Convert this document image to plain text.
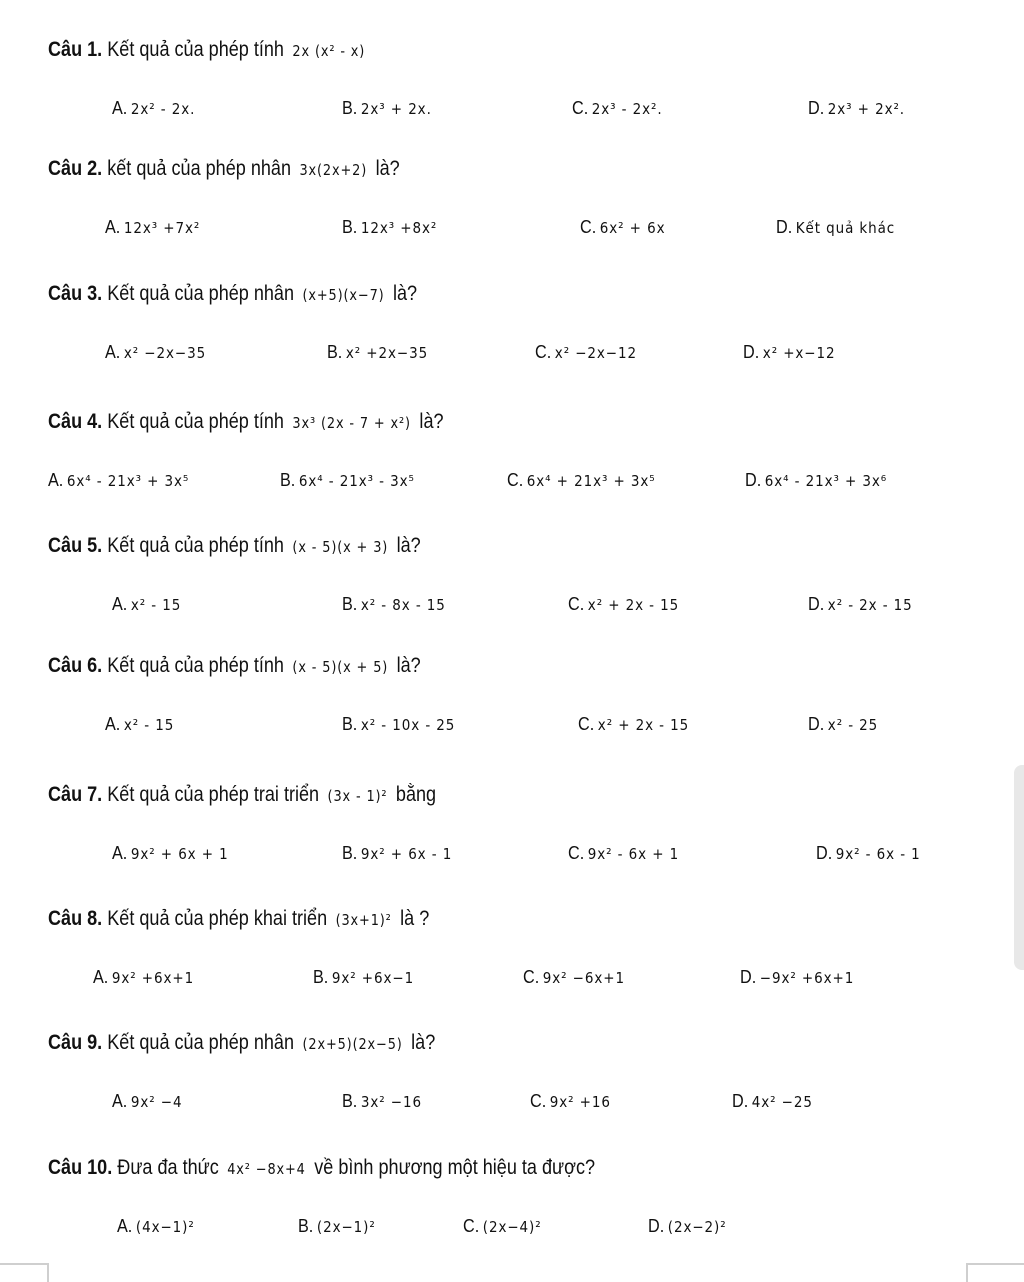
Câu 1. Kết quả của phép tính 2x (x² - x)
A. 2x² - 2x.	B. 2x³ + 2x.	C. 2x³ - 2x².	D. 2x³ + 2x².
Câu 2. kết quả của phép nhân 3x(2x+2) là?
A. 12x³ +7x²	B. 12x³ +8x²	C. 6x² + 6x	D. Kết quả khác
Câu 3. Kết quả của phép nhân (x+5)(x−7) là?
A. x² −2x−35	B. x² +2x−35	C. x² −2x−12	D. x² +x−12
Câu 4. Kết quả của phép tính 3x³ (2x - 7 + x²) là?
A. 6x⁴ - 21x³ + 3x⁵	B. 6x⁴ - 21x³ - 3x⁵	C. 6x⁴ + 21x³ + 3x⁵	D. 6x⁴ - 21x³ + 3x⁶
Câu 5. Kết quả của phép tính (x - 5)(x + 3) là?
A. x² - 15	B. x² - 8x - 15	C. x² + 2x - 15	D. x² - 2x - 15
Câu 6. Kết quả của phép tính (x - 5)(x + 5) là?
A. x² - 15	B. x² - 10x - 25	C. x² + 2x - 15	D. x² - 25
Câu 7. Kết quả của phép trai triển (3x - 1)² bằng
A. 9x² + 6x + 1	B. 9x² + 6x - 1	C. 9x² - 6x + 1	D. 9x² - 6x - 1
Câu 8. Kết quả của phép khai triển (3x+1)² là ?
A. 9x² +6x+1	B. 9x² +6x−1	C. 9x² −6x+1	D. −9x² +6x+1
Câu 9. Kết quả của phép nhân (2x+5)(2x−5) là?
A. 9x² −4	B. 3x² −16	C. 9x² +16	D. 4x² −25
Câu 10. Đưa đa thức 4x² −8x+4 về bình phương một hiệu ta được?
A. (4x−1)²	B. (2x−1)²	C. (2x−4)²	D. (2x−2)²
